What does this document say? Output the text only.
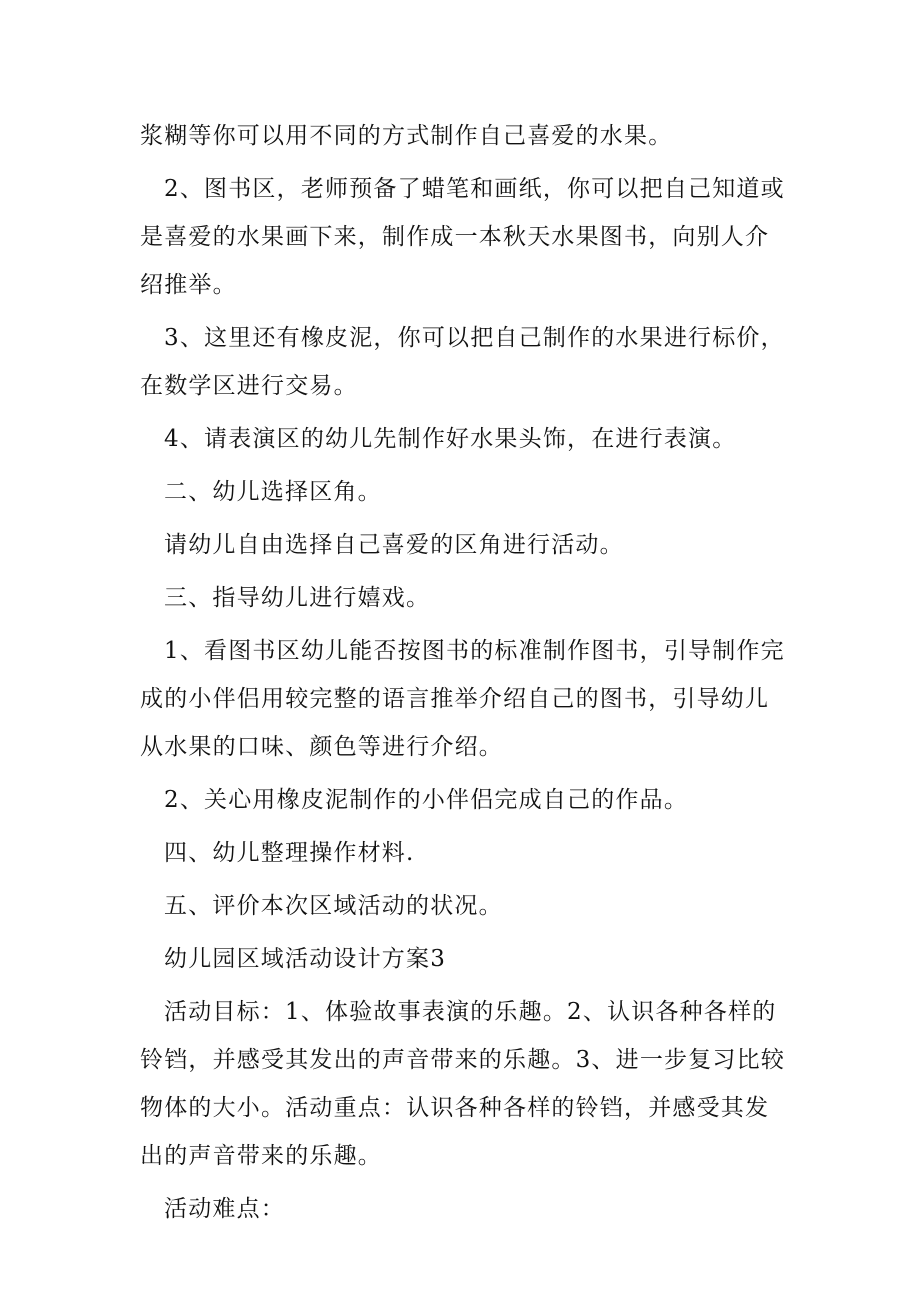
浆糊等你可以用不同的方式制作自己喜爱的水果。

2、图书区，老师预备了蜡笔和画纸，你可以把自己知道或是喜爱的水果画下来，制作成一本秋天水果图书，向别人介绍推举。

3、这里还有橡皮泥，你可以把自己制作的水果进行标价，在数学区进行交易。

4、请表演区的幼儿先制作好水果头饰，在进行表演。

二、幼儿选择区角。

请幼儿自由选择自己喜爱的区角进行活动。

三、指导幼儿进行嬉戏。

1、看图书区幼儿能否按图书的标准制作图书，引导制作完成的小伴侣用较完整的语言推举介绍自己的图书，引导幼儿从水果的口味、颜色等进行介绍。

2、关心用橡皮泥制作的小伴侣完成自己的作品。

四、幼儿整理操作材料.

五、评价本次区域活动的状况。

幼儿园区域活动设计方案3

活动目标：1、体验故事表演的乐趣。2、认识各种各样的铃铛，并感受其发出的声音带来的乐趣。3、进一步复习比较物体的大小。活动重点：认识各种各样的铃铛，并感受其发出的声音带来的乐趣。

活动难点：
